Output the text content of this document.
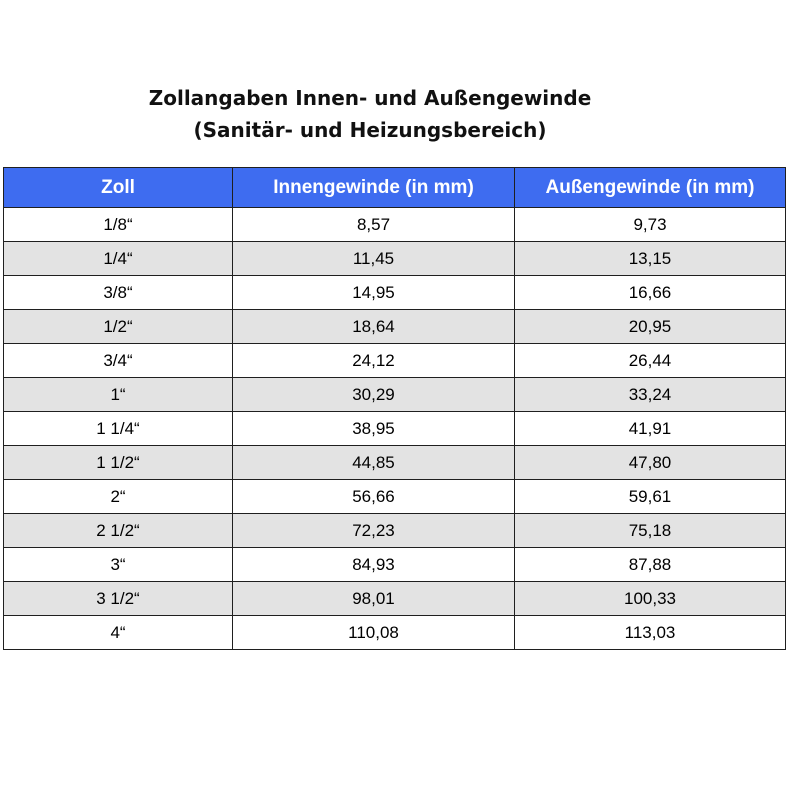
Zollangaben Innen- und Außengewinde
(Sanitär- und Heizungsbereich)
Zoll	Innengewinde (in mm)	Außengewinde (in mm)
1/8“	8,57	9,73
1/4“	11,45	13,15
3/8“	14,95	16,66
1/2“	18,64	20,95
3/4“	24,12	26,44
1“	30,29	33,24
1 1/4“	38,95	41,91
1 1/2“	44,85	47,80
2“	56,66	59,61
2 1/2“	72,23	75,18
3“	84,93	87,88
3 1/2“	98,01	100,33
4“	110,08	113,03
